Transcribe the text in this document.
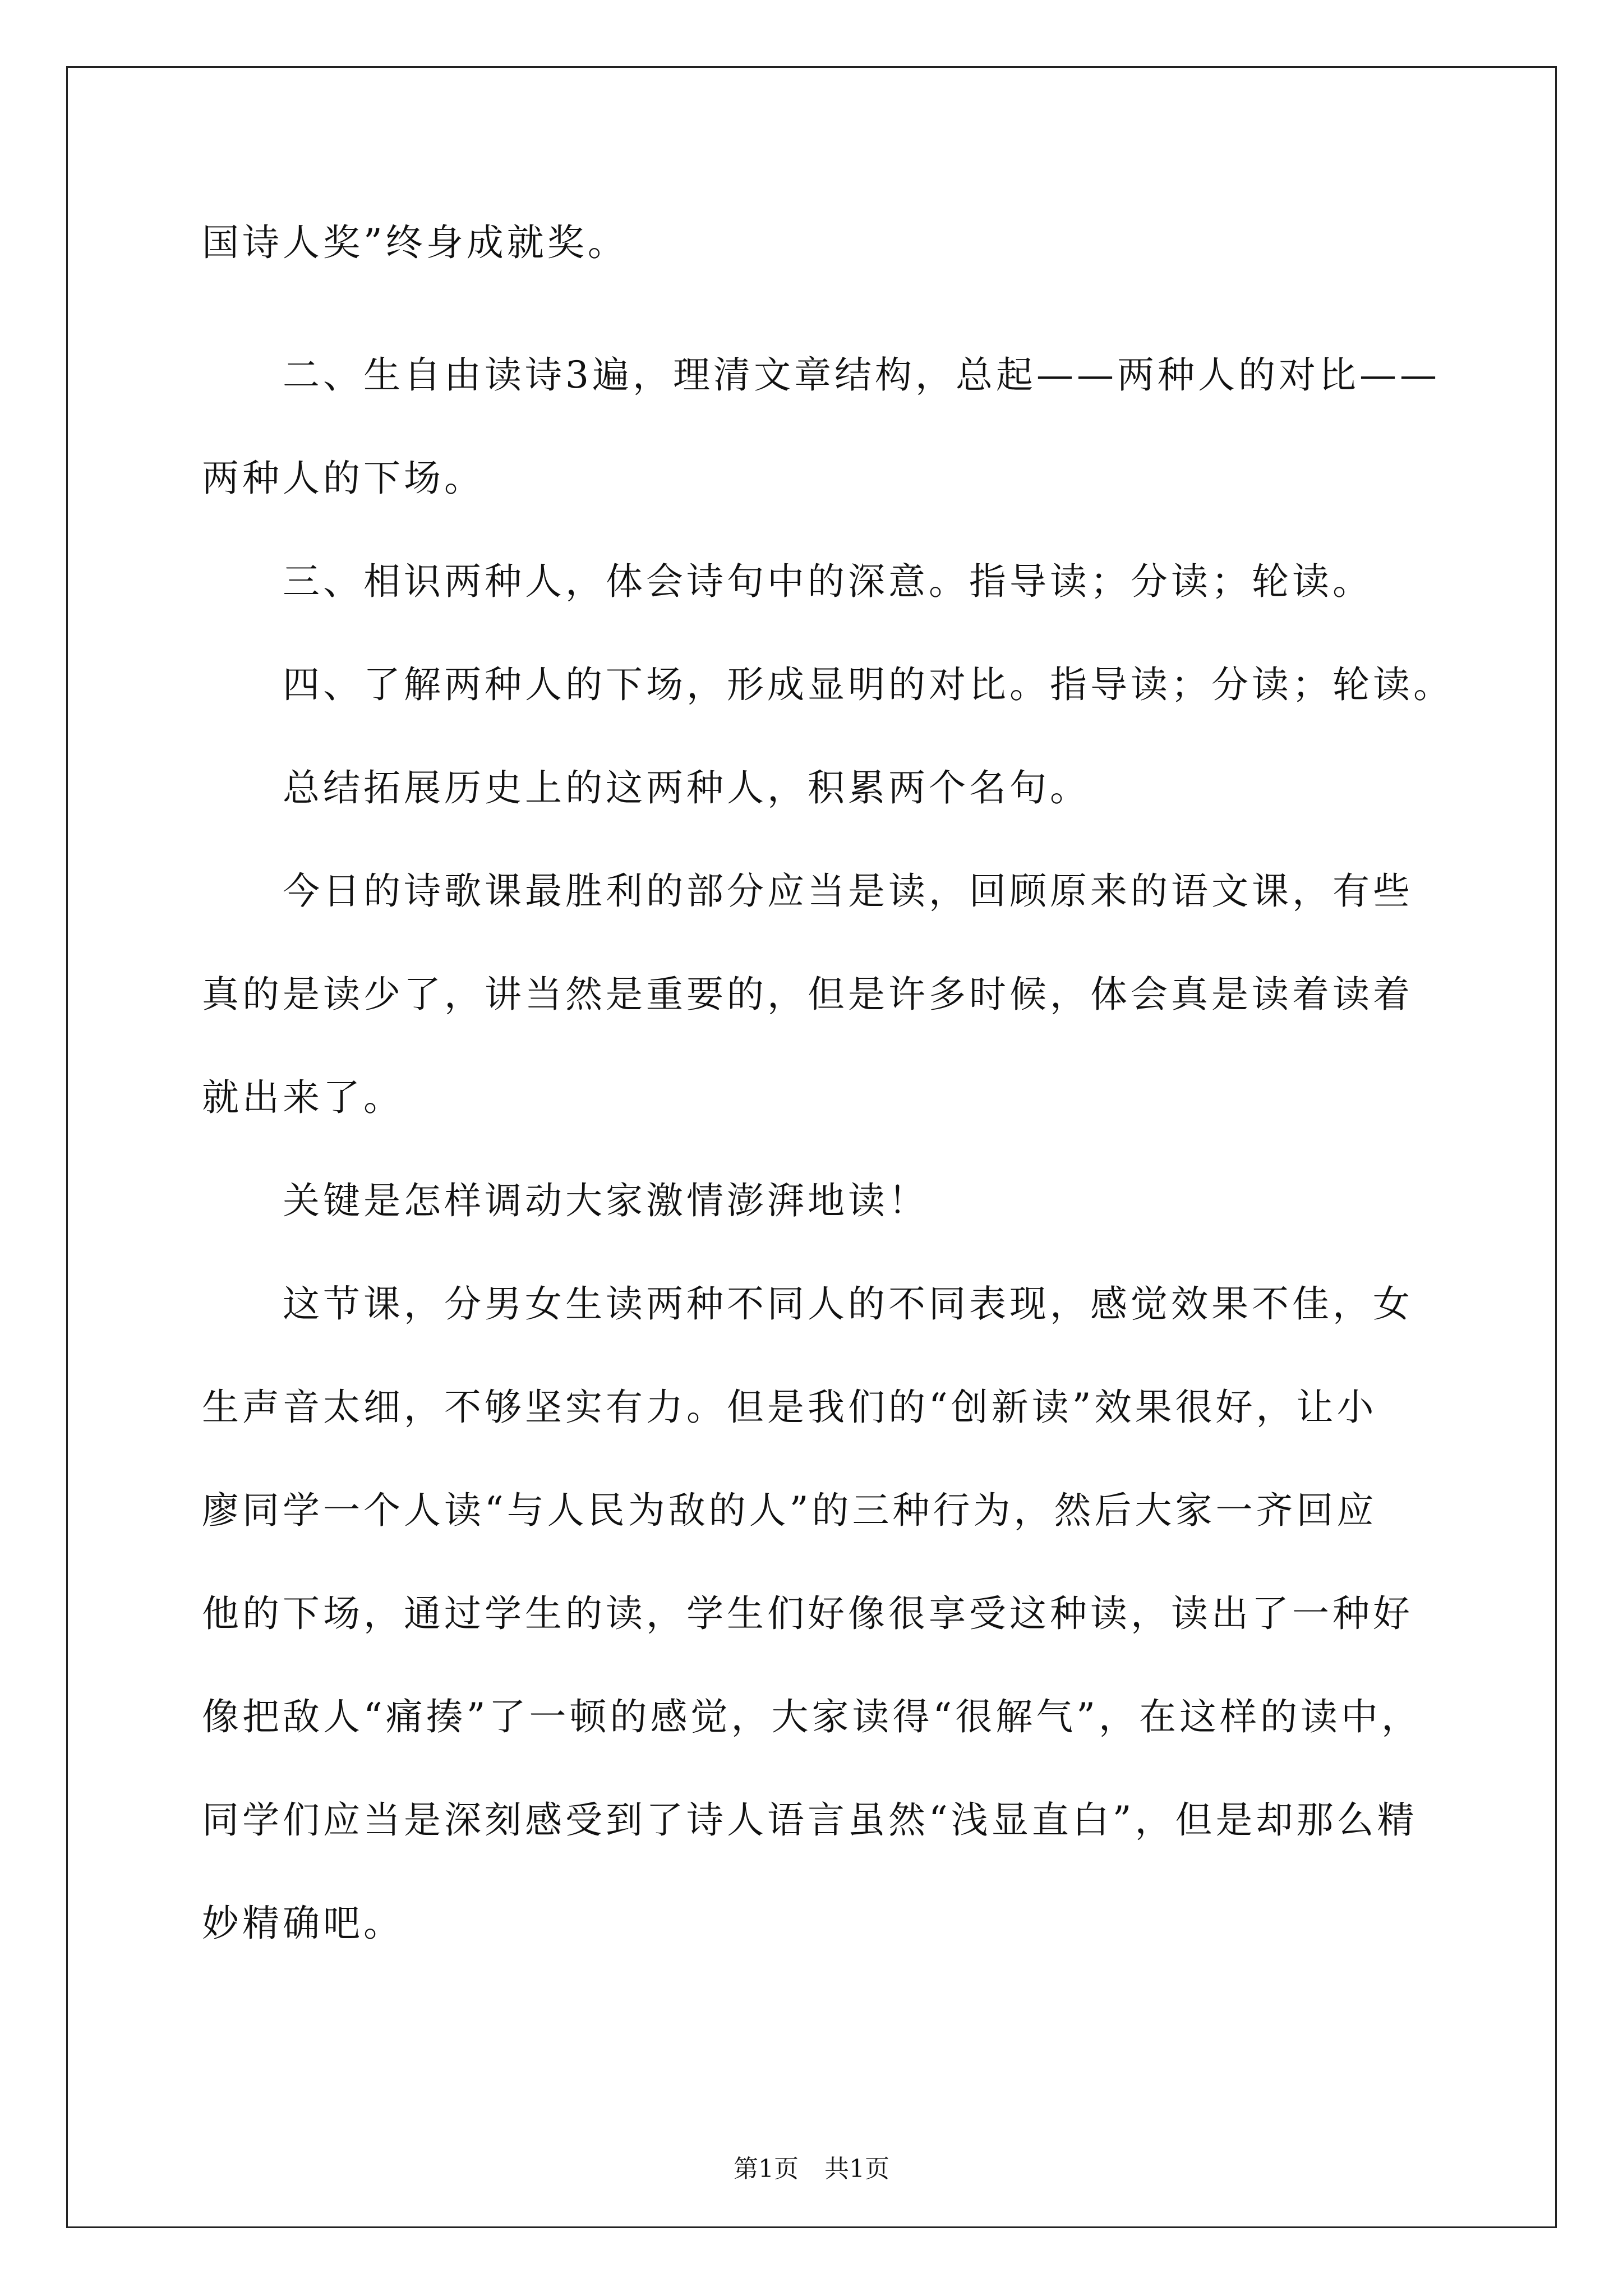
国诗人奖”终身成就奖。
　　二、生自由读诗3遍，理清文章结构，总起——两种人的对比——
两种人的下场。
　　三、相识两种人，体会诗句中的深意。指导读；分读；轮读。
　　四、了解两种人的下场，形成显明的对比。指导读；分读；轮读。
　　总结拓展历史上的这两种人，积累两个名句。
　　今日的诗歌课最胜利的部分应当是读，回顾原来的语文课，有些
真的是读少了，讲当然是重要的，但是许多时候，体会真是读着读着
就出来了。
　　关键是怎样调动大家激情澎湃地读！
　　这节课，分男女生读两种不同人的不同表现，感觉效果不佳，女
生声音太细，不够坚实有力。但是我们的“创新读”效果很好，让小
廖同学一个人读“与人民为敌的人”的三种行为，然后大家一齐回应
他的下场，通过学生的读，学生们好像很享受这种读，读出了一种好
像把敌人“痛揍”了一顿的感觉，大家读得“很解气”，在这样的读中，
同学们应当是深刻感受到了诗人语言虽然“浅显直白”，但是却那么精
妙精确吧。
第1页 共1页
